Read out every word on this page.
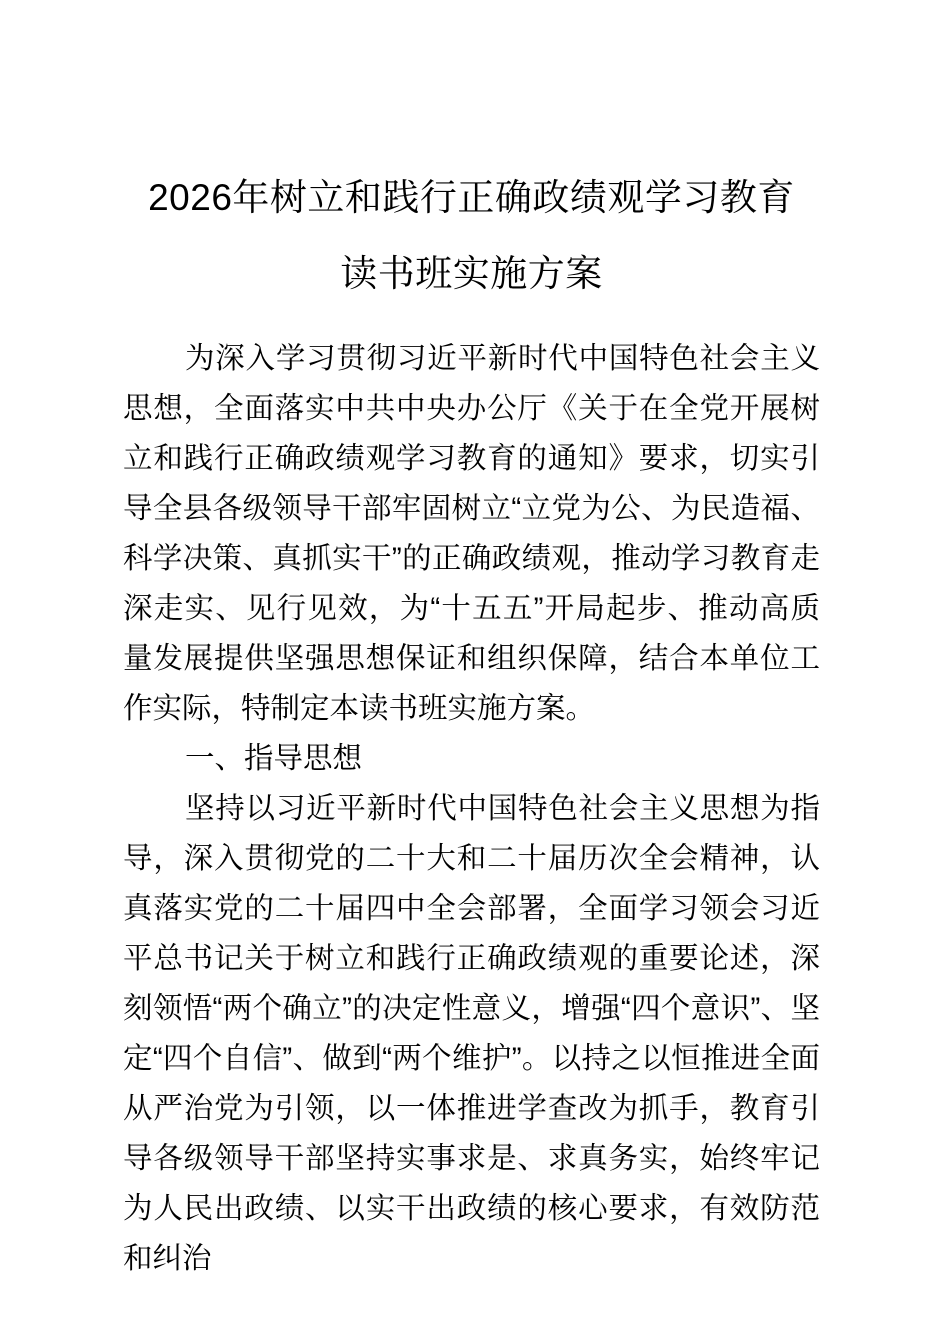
2026年树立和践行正确政绩观学习教育
读书班实施方案

为深入学习贯彻习近平新时代中国特色社会主义思想，全面落实中共中央办公厅《关于在全党开展树立和践行正确政绩观学习教育的通知》要求，切实引导全县各级领导干部牢固树立“立党为公、为民造福、科学决策、真抓实干”的正确政绩观，推动学习教育走深走实、见行见效，为“十五五”开局起步、推动高质量发展提供坚强思想保证和组织保障，结合本单位工作实际，特制定本读书班实施方案。

一、指导思想

坚持以习近平新时代中国特色社会主义思想为指导，深入贯彻党的二十大和二十届历次全会精神，认真落实党的二十届四中全会部署，全面学习领会习近平总书记关于树立和践行正确政绩观的重要论述，深刻领悟“两个确立”的决定性意义，增强“四个意识”、坚定“四个自信”、做到“两个维护”。以持之以恒推进全面从严治党为引领，以一体推进学查改为抓手，教育引导各级领导干部坚持实事求是、求真务实，始终牢记为人民出政绩、以实干出政绩的核心要求，有效防范和纠治
